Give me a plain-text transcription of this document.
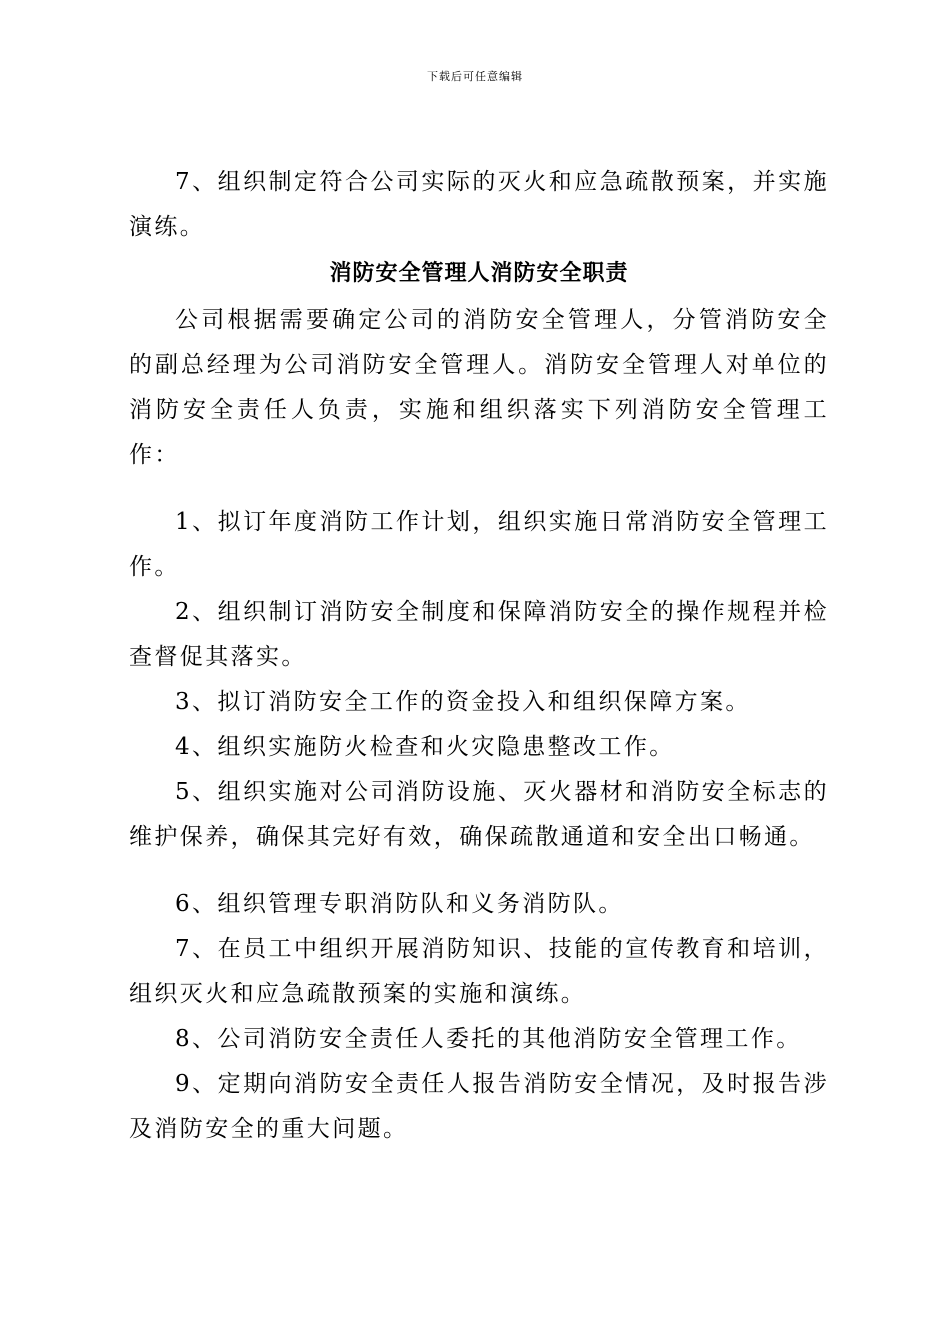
下载后可任意编辑

7、组织制定符合公司实际的灭火和应急疏散预案，并实施演练。

消防安全管理人消防安全职责

公司根据需要确定公司的消防安全管理人，分管消防安全的副总经理为公司消防安全管理人。消防安全管理人对单位的消防安全责任人负责，实施和组织落实下列消防安全管理工作：

1、拟订年度消防工作计划，组织实施日常消防安全管理工作。

2、组织制订消防安全制度和保障消防安全的操作规程并检查督促其落实。

3、拟订消防安全工作的资金投入和组织保障方案。

4、组织实施防火检查和火灾隐患整改工作。

5、组织实施对公司消防设施、灭火器材和消防安全标志的维护保养，确保其完好有效，确保疏散通道和安全出口畅通。

6、组织管理专职消防队和义务消防队。

7、在员工中组织开展消防知识、技能的宣传教育和培训，组织灭火和应急疏散预案的实施和演练。

8、公司消防安全责任人委托的其他消防安全管理工作。

9、定期向消防安全责任人报告消防安全情况，及时报告涉及消防安全的重大问题。
